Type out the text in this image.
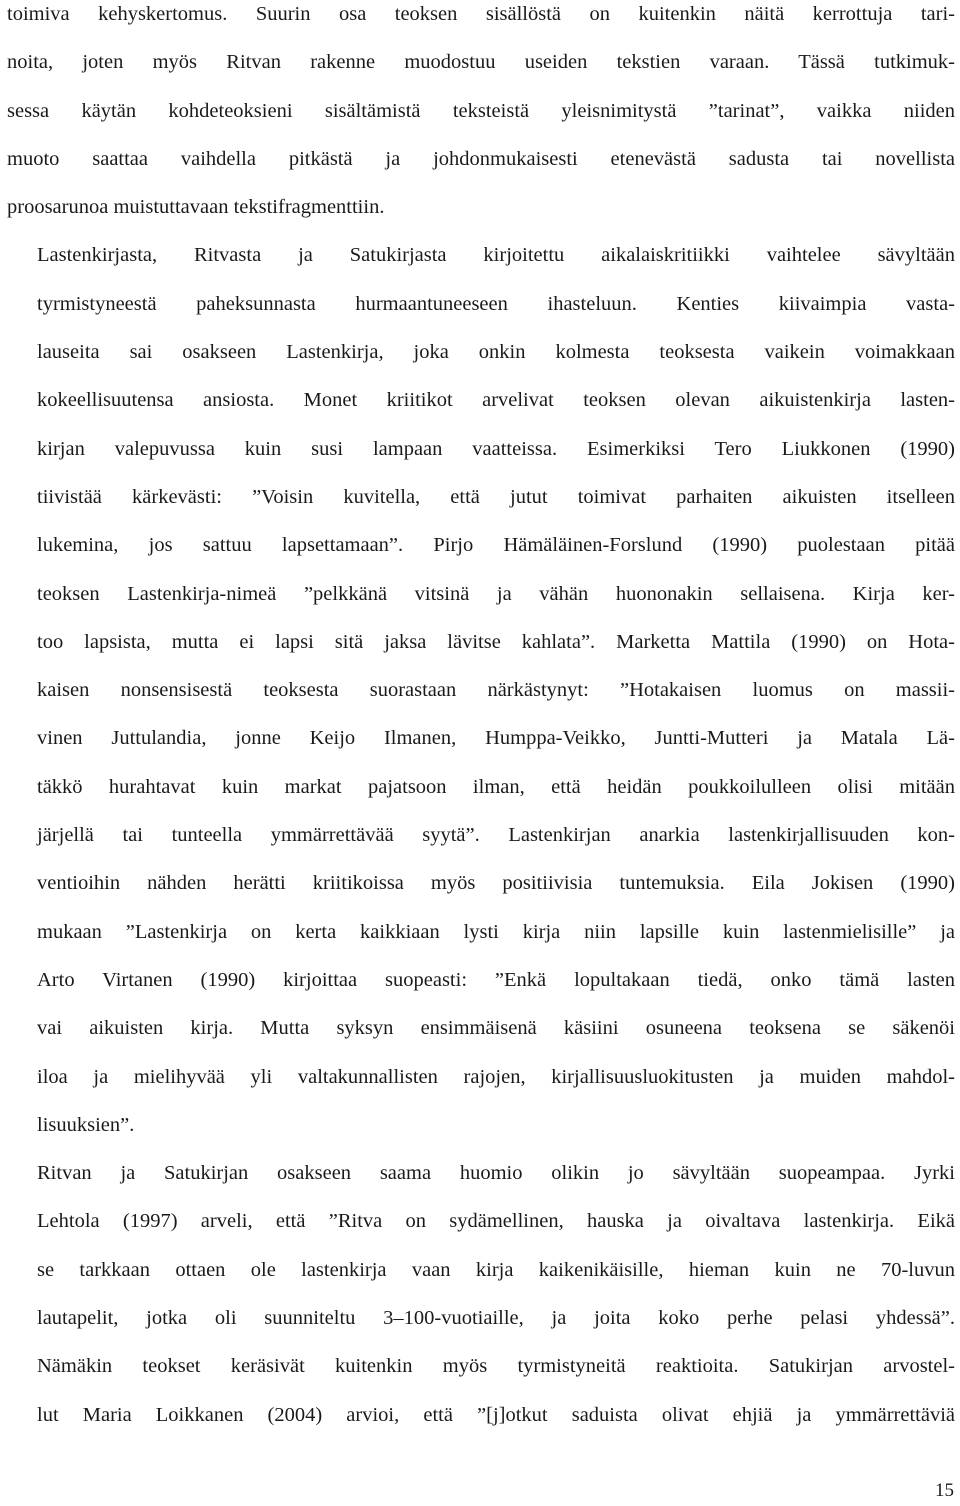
toimiva kehyskertomus. Suurin osa teoksen sisällöstä on kuitenkin näitä kerrottuja tari-
noita, joten myös Ritvan rakenne muodostuu useiden tekstien varaan. Tässä tutkimuk-
sessa käytän kohdeteoksieni sisältämistä teksteistä yleisnimitystä ”tarinat”, vaikka niiden
muoto saattaa vaihdella pitkästä ja johdonmukaisesti etenevästä sadusta tai novellista
proosarunoa muistuttavaan tekstifragmenttiin.
Lastenkirjasta, Ritvasta ja Satukirjasta kirjoitettu aikalaiskritiikki vaihtelee sävyltään
tyrmistyneestä paheksunnasta hurmaantuneeseen ihasteluun. Kenties kiivaimpia vasta-
lauseita sai osakseen Lastenkirja, joka onkin kolmesta teoksesta vaikein voimakkaan
kokeellisuutensa ansiosta. Monet kriitikot arvelivat teoksen olevan aikuistenkirja lasten-
kirjan valepuvussa kuin susi lampaan vaatteissa. Esimerkiksi Tero Liukkonen (1990)
tiivistää kärkevästi: ”Voisin kuvitella, että jutut toimivat parhaiten aikuisten itselleen
lukemina, jos sattuu lapsettamaan”. Pirjo Hämäläinen-Forslund (1990) puolestaan pitää
teoksen Lastenkirja-nimeä ”pelkkänä vitsinä ja vähän huononakin sellaisena. Kirja ker-
too lapsista, mutta ei lapsi sitä jaksa lävitse kahlata”. Marketta Mattila (1990) on Hota-
kaisen nonsensisestä teoksesta suorastaan närkästynyt: ”Hotakaisen luomus on massii-
vinen Juttulandia, jonne Keijo Ilmanen, Humppa-Veikko, Juntti-Mutteri ja Matala Lä-
täkkö hurahtavat kuin markat pajatsoon ilman, että heidän poukkoilulleen olisi mitään
järjellä tai tunteella ymmärrettävää syytä”. Lastenkirjan anarkia lastenkirjallisuuden kon-
ventioihin nähden herätti kriitikoissa myös positiivisia tuntemuksia. Eila Jokisen (1990)
mukaan ”Lastenkirja on kerta kaikkiaan lysti kirja niin lapsille kuin lastenmielisille” ja
Arto Virtanen (1990) kirjoittaa suopeasti: ”Enkä lopultakaan tiedä, onko tämä lasten
vai aikuisten kirja. Mutta syksyn ensimmäisenä käsiini osuneena teoksena se säkenöi
iloa ja mielihyvää yli valtakunnallisten rajojen, kirjallisuusluokitusten ja muiden mahdol-
lisuuksien”.
Ritvan ja Satukirjan osakseen saama huomio olikin jo sävyltään suopeampaa. Jyrki
Lehtola (1997) arveli, että ”Ritva on sydämellinen, hauska ja oivaltava lastenkirja. Eikä
se tarkkaan ottaen ole lastenkirja vaan kirja kaikenikäisille, hieman kuin ne 70-luvun
lautapelit, jotka oli suunniteltu 3–100-vuotiaille, ja joita koko perhe pelasi yhdessä”.
Nämäkin teokset keräsivät kuitenkin myös tyrmistyneitä reaktioita. Satukirjan arvostel-
lut Maria Loikkanen (2004) arvioi, että ”[j]otkut saduista olivat ehjiä ja ymmärrettäviä
15
